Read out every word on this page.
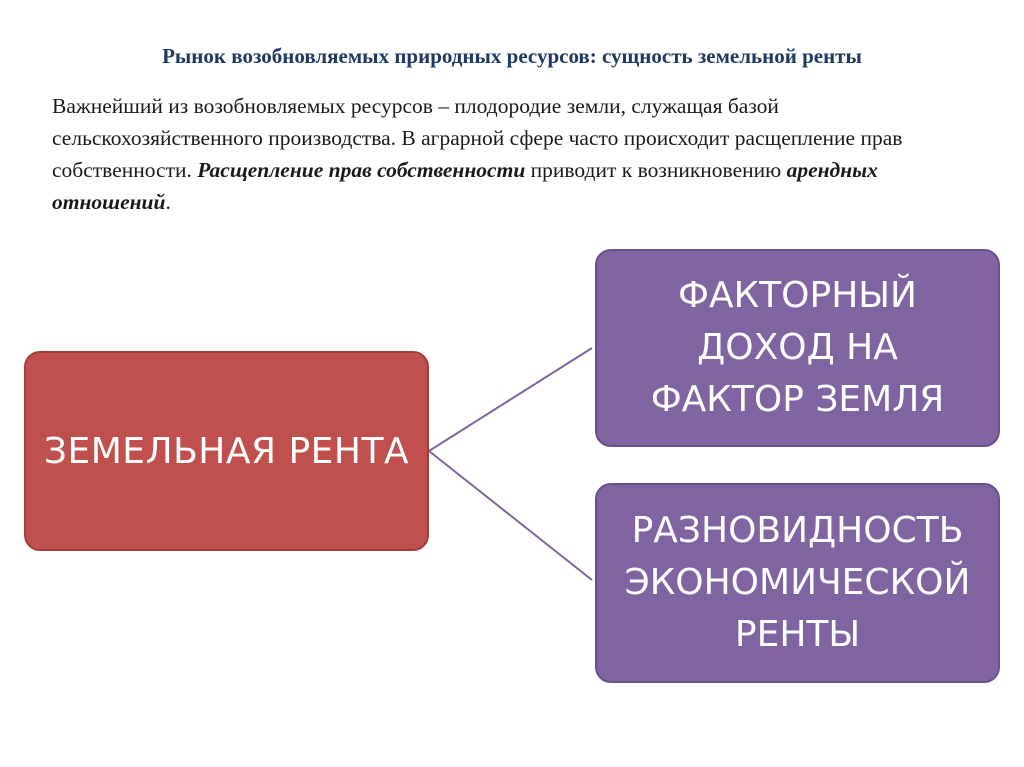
Рынок возобновляемых природных ресурсов: сущность земельной ренты
Важнейший из возобновляемых ресурсов – плодородие земли, служащая базой сельскохозяйственного производства. В аграрной сфере часто происходит расщепление прав собственности. Расщепление прав собственности приводит к возникновению арендных отношений.
ЗЕМЕЛЬНАЯ РЕНТА
ФАКТОРНЫЙ ДОХОД НА ФАКТОР ЗЕМЛЯ
РАЗНОВИДНОСТЬ ЭКОНОМИЧЕСКОЙ РЕНТЫ
